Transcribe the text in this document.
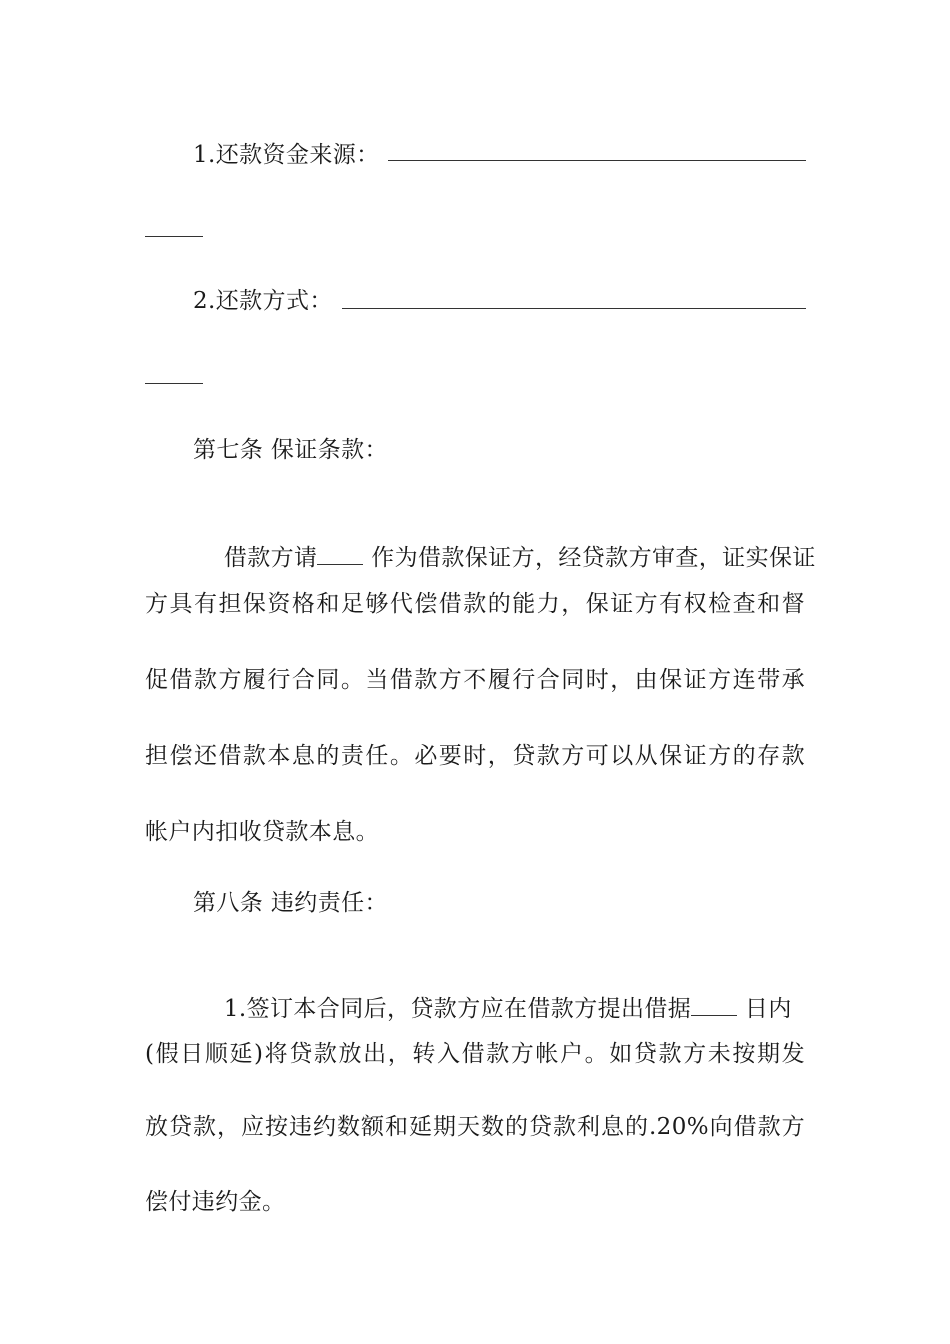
1.还款资金来源：
2.还款方式：
第七条 保证条款：

借款方请 作为借款保证方，经贷款方审查，证实保证

方具有担保资格和足够代偿借款的能力，保证方有权检查和督
促借款方履行合同。当借款方不履行合同时，由保证方连带承
担偿还借款本息的责任。必要时，贷款方可以从保证方的存款
帐户内扣收贷款本息。
第八条 违约责任：

1.签订本合同后，贷款方应在借款方提出借据 日内

(假日顺延)将贷款放出，转入借款方帐户。如贷款方未按期发
放贷款，应按违约数额和延期天数的贷款利息的.20%向借款方
偿付违约金。
